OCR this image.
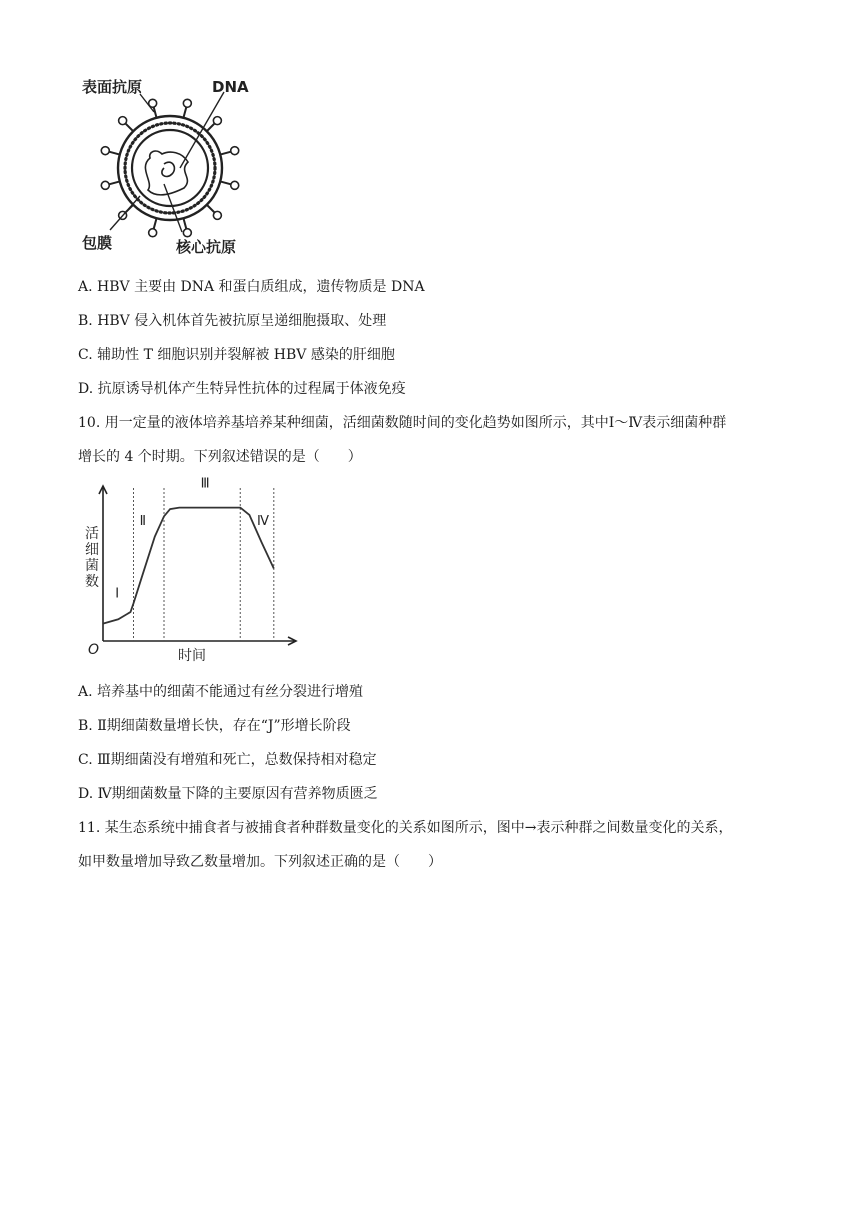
表面抗原	DNA
包膜	核心抗原
A. HBV 主要由 DNA 和蛋白质组成，遗传物质是 DNA
B. HBV 侵入机体首先被抗原呈递细胞摄取、处理
C. 辅助性 T 细胞识别并裂解被 HBV 感染的肝细胞
D. 抗原诱导机体产生特异性抗体的过程属于体液免疫
10. 用一定量的液体培养基培养某种细菌，活细菌数随时间的变化趋势如图所示，其中Ⅰ～Ⅳ表示细菌种群
增长的 4 个时期。下列叙述错误的是（　　）
Ⅰ
Ⅱ
Ⅲ
Ⅳ
O	时间
活
细
菌
数
A. 培养基中的细菌不能通过有丝分裂进行增殖
B. Ⅱ期细菌数量增长快，存在“J”形增长阶段
C. Ⅲ期细菌没有增殖和死亡，总数保持相对稳定
D. Ⅳ期细菌数量下降的主要原因有营养物质匮乏
11. 某生态系统中捕食者与被捕食者种群数量变化的关系如图所示，图中→表示种群之间数量变化的关系，
如甲数量增加导致乙数量增加。下列叙述正确的是（　　）
